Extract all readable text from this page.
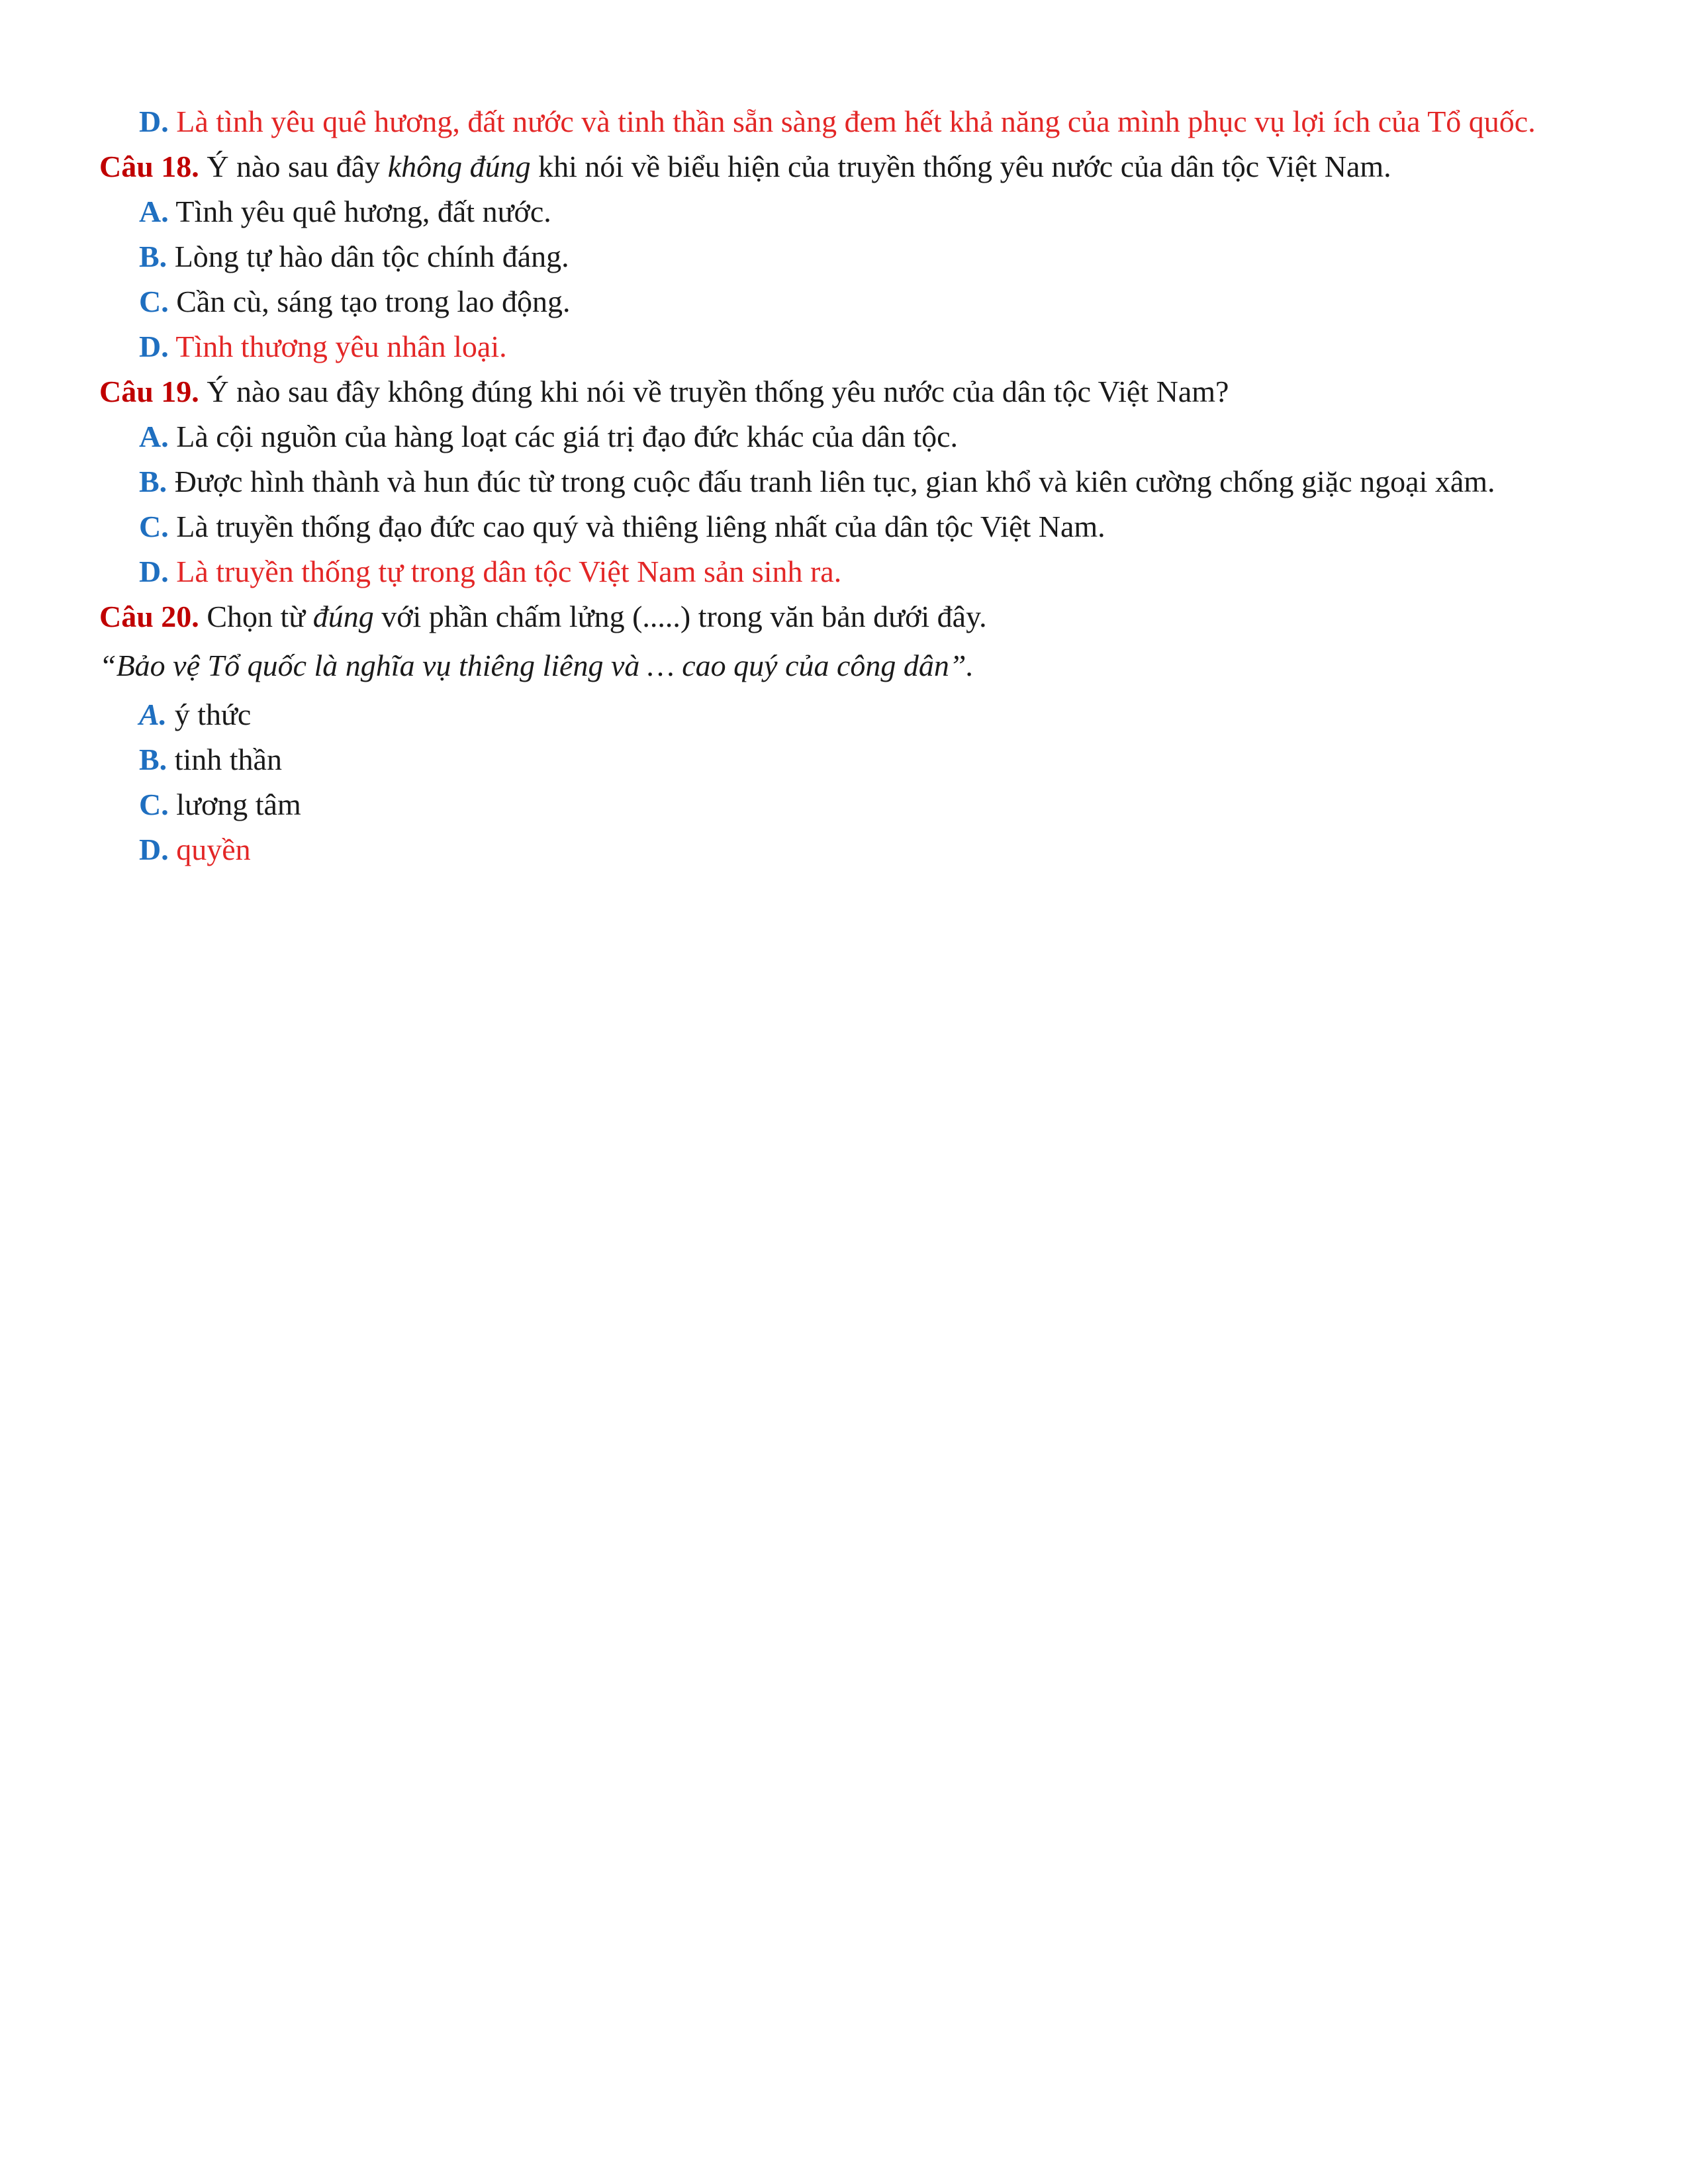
D. Là tình yêu quê hương, đất nước và tinh thần sẵn sàng đem hết khả năng của mình phục vụ lợi ích của Tổ quốc.

Câu 18. Ý nào sau đây không đúng khi nói về biểu hiện của truyền thống yêu nước của dân tộc Việt Nam.

A. Tình yêu quê hương, đất nước.

B. Lòng tự hào dân tộc chính đáng.

C. Cần cù, sáng tạo trong lao động.

D. Tình thương yêu nhân loại.

Câu 19. Ý nào sau đây không đúng khi nói về truyền thống yêu nước của dân tộc Việt Nam?

A. Là cội nguồn của hàng loạt các giá trị đạo đức khác của dân tộc.

B. Được hình thành và hun đúc từ trong cuộc đấu tranh liên tục, gian khổ và kiên cường chống giặc ngoại xâm.

C. Là truyền thống đạo đức cao quý và thiêng liêng nhất của dân tộc Việt Nam.

D. Là truyền thống tự trong dân tộc Việt Nam sản sinh ra.

Câu 20. Chọn từ đúng với phần chấm lửng (.....) trong văn bản dưới đây.

“Bảo vệ Tổ quốc là nghĩa vụ thiêng liêng và … cao quý của công dân”.

A. ý thức

B. tinh thần

C. lương tâm

D. quyền
